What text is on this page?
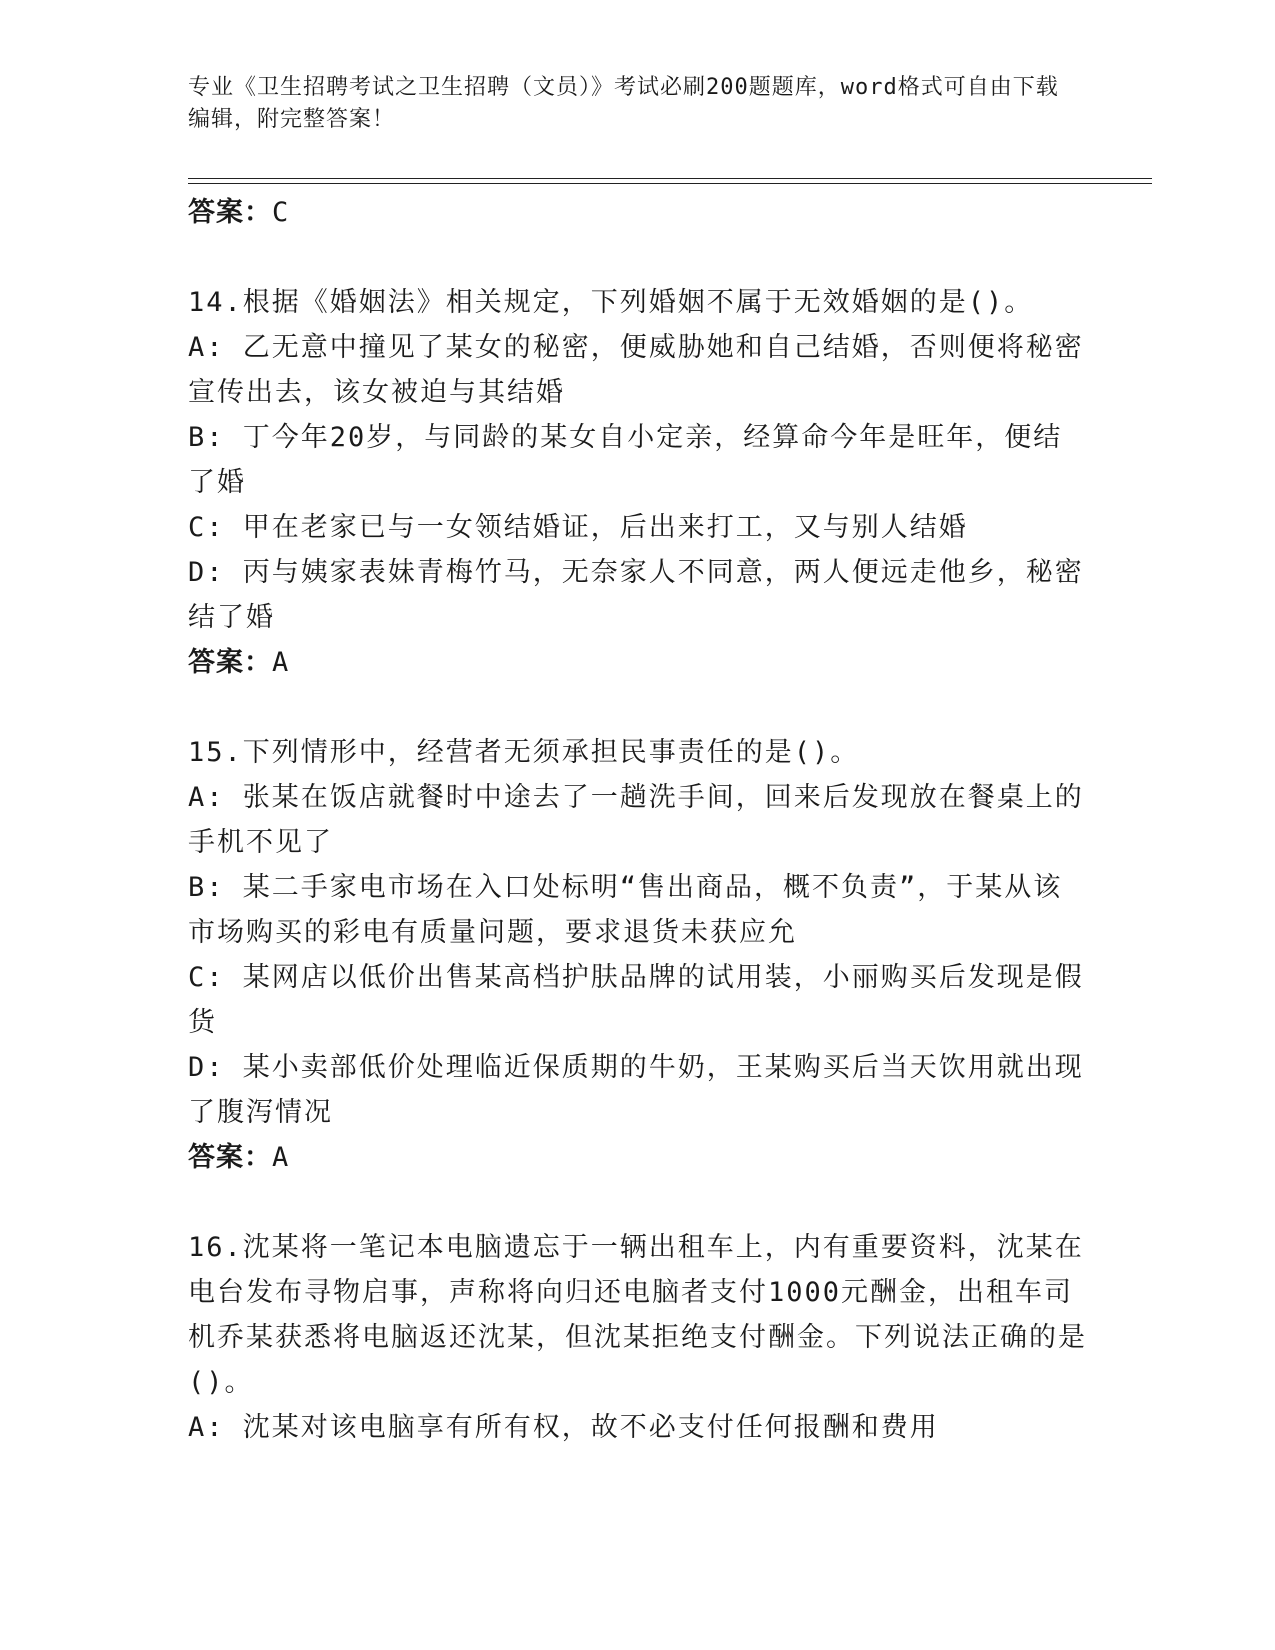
专业《卫生招聘考试之卫生招聘（文员）》考试必刷200题题库，word格式可自由下载编辑，附完整答案！

答案：C

14.根据《婚姻法》相关规定，下列婚姻不属于无效婚姻的是()。

A: 乙无意中撞见了某女的秘密，便威胁她和自己结婚，否则便将秘密宣传出去，该女被迫与其结婚

B: 丁今年20岁，与同龄的某女自小定亲，经算命今年是旺年，便结了婚

C: 甲在老家已与一女领结婚证，后出来打工，又与别人结婚

D: 丙与姨家表妹青梅竹马，无奈家人不同意，两人便远走他乡，秘密结了婚

答案：A

15.下列情形中，经营者无须承担民事责任的是()。

A: 张某在饭店就餐时中途去了一趟洗手间，回来后发现放在餐桌上的手机不见了

B: 某二手家电市场在入口处标明“售出商品，概不负责”，于某从该市场购买的彩电有质量问题，要求退货未获应允

C: 某网店以低价出售某高档护肤品牌的试用装，小丽购买后发现是假货

D: 某小卖部低价处理临近保质期的牛奶，王某购买后当天饮用就出现了腹泻情况

答案：A

16.沈某将一笔记本电脑遗忘于一辆出租车上，内有重要资料，沈某在电台发布寻物启事，声称将向归还电脑者支付1000元酬金，出租车司机乔某获悉将电脑返还沈某，但沈某拒绝支付酬金。下列说法正确的是()。

A: 沈某对该电脑享有所有权，故不必支付任何报酬和费用
